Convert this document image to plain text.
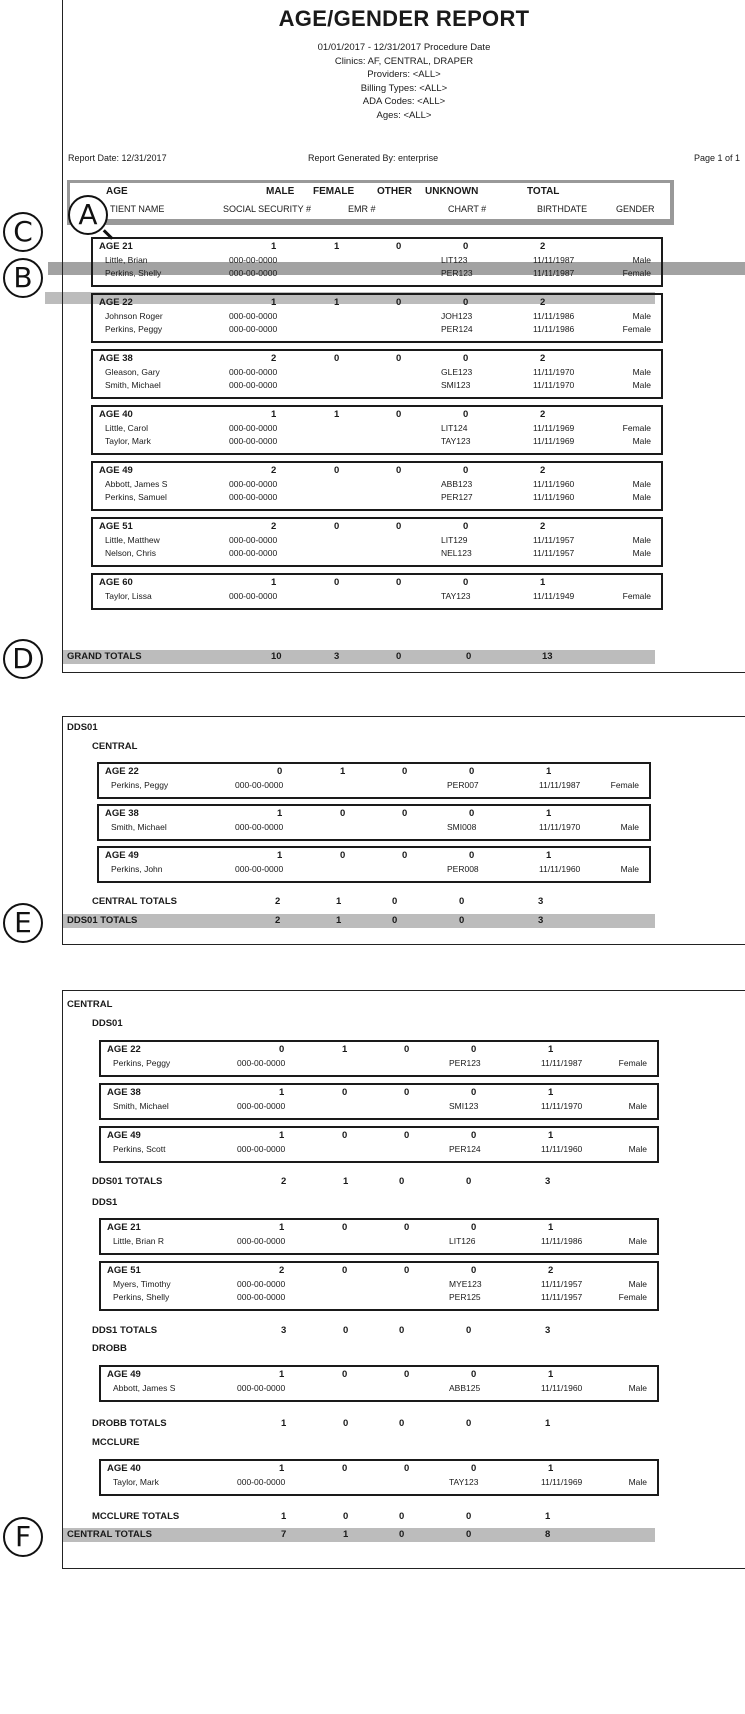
AGE/GENDER REPORT
01/01/2017 - 12/31/2017 Procedure Date
Clinics: AF, CENTRAL, DRAPER
Providers: <ALL>
Billing Types: <ALL>
ADA Codes: <ALL>
Ages: <ALL>
Report Date: 12/31/2017	Report Generated By: enterprise	Page 1 of 1
AGE	MALE FEMALE OTHER UNKNOWN	TOTAL
TIENT NAME	SOCIAL SECURITY #	EMR #	CHART #	BIRTHDATE	GENDER
AGE 21	1	1	0	0	2
Little, Brian	000-00-0000	LIT123	11/11/1987	Male
Perkins, Shelly	000-00-0000	PER123	11/11/1987	Female
AGE 22	1	1	0	0	2
Johnson Roger	000-00-0000	JOH123	11/11/1986	Male
Perkins, Peggy	000-00-0000	PER124	11/11/1986	Female
AGE 38	2	0	0	0	2
Gleason, Gary	000-00-0000	GLE123	11/11/1970	Male
Smith, Michael	000-00-0000	SMI123	11/11/1970	Male
AGE 40	1	1	0	0	2
Little, Carol	000-00-0000	LIT124	11/11/1969	Female
Taylor, Mark	000-00-0000	TAY123	11/11/1969	Male
AGE 49	2	0	0	0	2
Abbott, James S	000-00-0000	ABB123	11/11/1960	Male
Perkins, Samuel	000-00-0000	PER127	11/11/1960	Male
AGE 51	2	0	0	0	2
Little, Matthew	000-00-0000	LIT129	11/11/1957	Male
Nelson, Chris	000-00-0000	NEL123	11/11/1957	Male
AGE 60	1	0	0	0	1
Taylor, Lissa	000-00-0000	TAY123	11/11/1949	Female
GRAND TOTALS	10	3	0	0	13
DDS01
CENTRAL
AGE 22	0	1	0	0	1
Perkins, Peggy	000-00-0000	PER007	11/11/1987	Female
AGE 38	1	0	0	0	1
Smith, Michael	000-00-0000	SMI008	11/11/1970	Male
AGE 49	1	0	0	0	1
Perkins, John	000-00-0000	PER008	11/11/1960	Male
CENTRAL TOTALS	2	1	0	0	3
DDS01 TOTALS	2	1	0	0	3
CENTRAL
DDS01
AGE 22	0	1	0	0	1
Perkins, Peggy	000-00-0000	PER123	11/11/1987	Female
AGE 38	1	0	0	0	1
Smith, Michael	000-00-0000	SMI123	11/11/1970	Male
AGE 49	1	0	0	0	1
Perkins, Scott	000-00-0000	PER124	11/11/1960	Male
DDS01 TOTALS	2	1	0	0	3
DDS1
AGE 21	1	0	0	0	1
Little, Brian R	000-00-0000	LIT126	11/11/1986	Male
AGE 51	2	0	0	0	2
Myers, Timothy	000-00-0000	MYE123	11/11/1957	Male
Perkins, Shelly	000-00-0000	PER125	11/11/1957	Female
DDS1 TOTALS	3	0	0	0	3
DROBB
AGE 49	1	0	0	0	1
Abbott, James S	000-00-0000	ABB125	11/11/1960	Male
DROBB TOTALS	1	0	0	0	1
MCCLURE
AGE 40	1	0	0	0	1
Taylor, Mark	000-00-0000	TAY123	11/11/1969	Male
MCCLURE TOTALS	1	0	0	0	1
CENTRAL TOTALS	7	1	0	0	8
A
C
B
D
E
F
